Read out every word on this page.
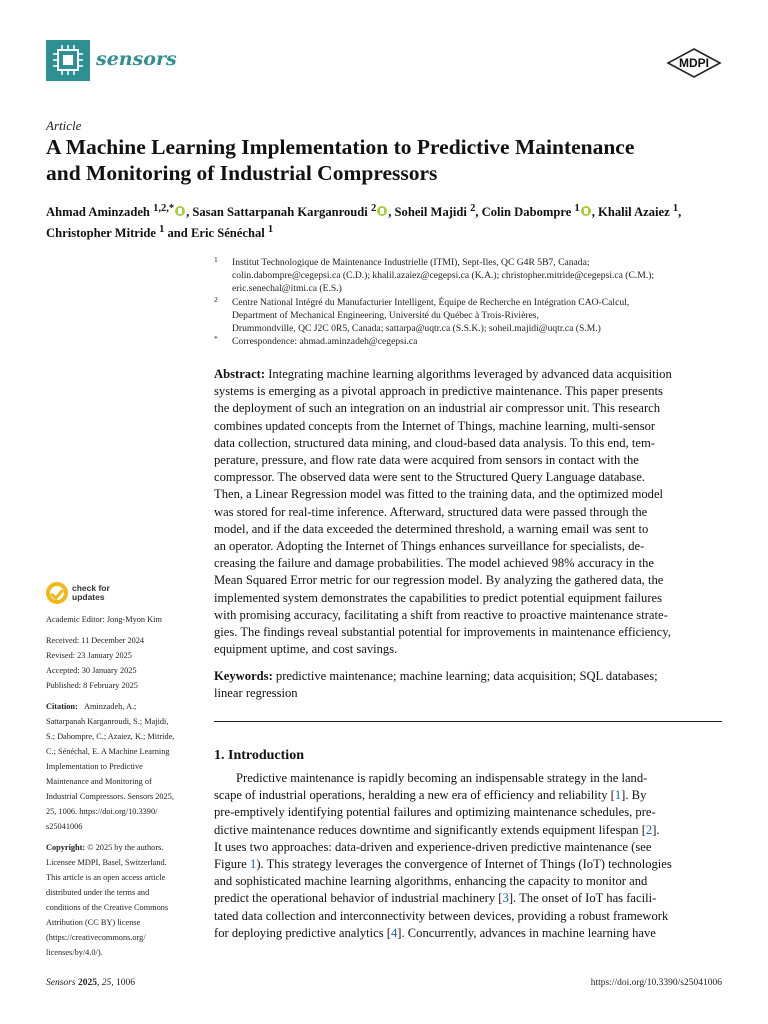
sensors	MDPI
Article
A Machine Learning Implementation to Predictive Maintenance
and Monitoring of Industrial Compressors
Ahmad Aminzadeh $^{1,2,*}$ , Sasan Sattarpanah Karganroudi $^2$ , Soheil Majidi $^2$, Colin Dabompre $^1$ , Khalil Azaiez $^1$,
Christopher Mitride $^1$ and Eric Sénéchal $^1$
1 Institut Technologique de Maintenance Industrielle (ITMI), Sept-Iles, QC G4R 5B7, Canada;
colin.dabompre@cegepsi.ca (C.D.); khalil.azaiez@cegepsi.ca (K.A.); christopher.mitride@cegepsi.ca (C.M.);
eric.senechal@itmi.ca (E.S.)
2 Centre National Intégré du Manufacturier Intelligent, Équipe de Recherche en Intégration CAO-Calcul,
Department of Mechanical Engineering, Université du Québec à Trois-Rivières,
Drummondville, QC J2C 0R5, Canada; sattarpa@uqtr.ca (S.S.K.); soheil.majidi@uqtr.ca (S.M.)
* Correspondence: ahmad.aminzadeh@cegepsi.ca
check for
updates
Academic Editor: Jong-Myon Kim
Received: 11 December 2024
Revised: 23 January 2025
Accepted: 30 January 2025
Published: 8 February 2025
Citation: Aminzadeh, A.;
Sattarpanah Karganroudi, S.; Majidi,
S.; Dabompre, C.; Azaiez, K.; Mitride,
C.; Sénéchal, E. A Machine Learning
Implementation to Predictive
Maintenance and Monitoring of
Industrial Compressors. Sensors 2025,
25, 1006. https://doi.org/10.3390/
s25041006
Copyright: © 2025 by the authors.
Licensee MDPI, Basel, Switzerland.
This article is an open access article
distributed under the terms and
conditions of the Creative Commons
Attribution (CC BY) license
(https://creativecommons.org/
licenses/by/4.0/).
Abstract: Integrating machine learning algorithms leveraged by advanced data acquisition
systems is emerging as a pivotal approach in predictive maintenance. This paper presents
the deployment of such an integration on an industrial air compressor unit. This research
combines updated concepts from the Internet of Things, machine learning, multi-sensor
data collection, structured data mining, and cloud-based data analysis. To this end, tem-
perature, pressure, and flow rate data were acquired from sensors in contact with the
compressor. The observed data were sent to the Structured Query Language database.
Then, a Linear Regression model was fitted to the training data, and the optimized model
was stored for real-time inference. Afterward, structured data were passed through the
model, and if the data exceeded the determined threshold, a warning email was sent to
an operator. Adopting the Internet of Things enhances surveillance for specialists, de-
creasing the failure and damage probabilities. The model achieved 98% accuracy in the
Mean Squared Error metric for our regression model. By analyzing the gathered data, the
implemented system demonstrates the capabilities to predict potential equipment failures
with promising accuracy, facilitating a shift from reactive to proactive maintenance strate-
gies. The findings reveal substantial potential for improvements in maintenance efficiency,
equipment uptime, and cost savings.
Keywords: predictive maintenance; machine learning; data acquisition; SQL databases;
linear regression
1. Introduction
Predictive maintenance is rapidly becoming an indispensable strategy in the land-
scape of industrial operations, heralding a new era of efficiency and reliability [1]. By
pre-emptively identifying potential failures and optimizing maintenance schedules, pre-
dictive maintenance reduces downtime and significantly extends equipment lifespan [2].
It uses two approaches: data-driven and experience-driven predictive maintenance (see
Figure 1). This strategy leverages the convergence of Internet of Things (IoT) technologies
and sophisticated machine learning algorithms, enhancing the capacity to monitor and
predict the operational behavior of industrial machinery [3]. The onset of IoT has facili-
tated data collection and interconnectivity between devices, providing a robust framework
for deploying predictive analytics [4]. Concurrently, advances in machine learning have
Sensors 2025, 25, 1006	https://doi.org/10.3390/s25041006
